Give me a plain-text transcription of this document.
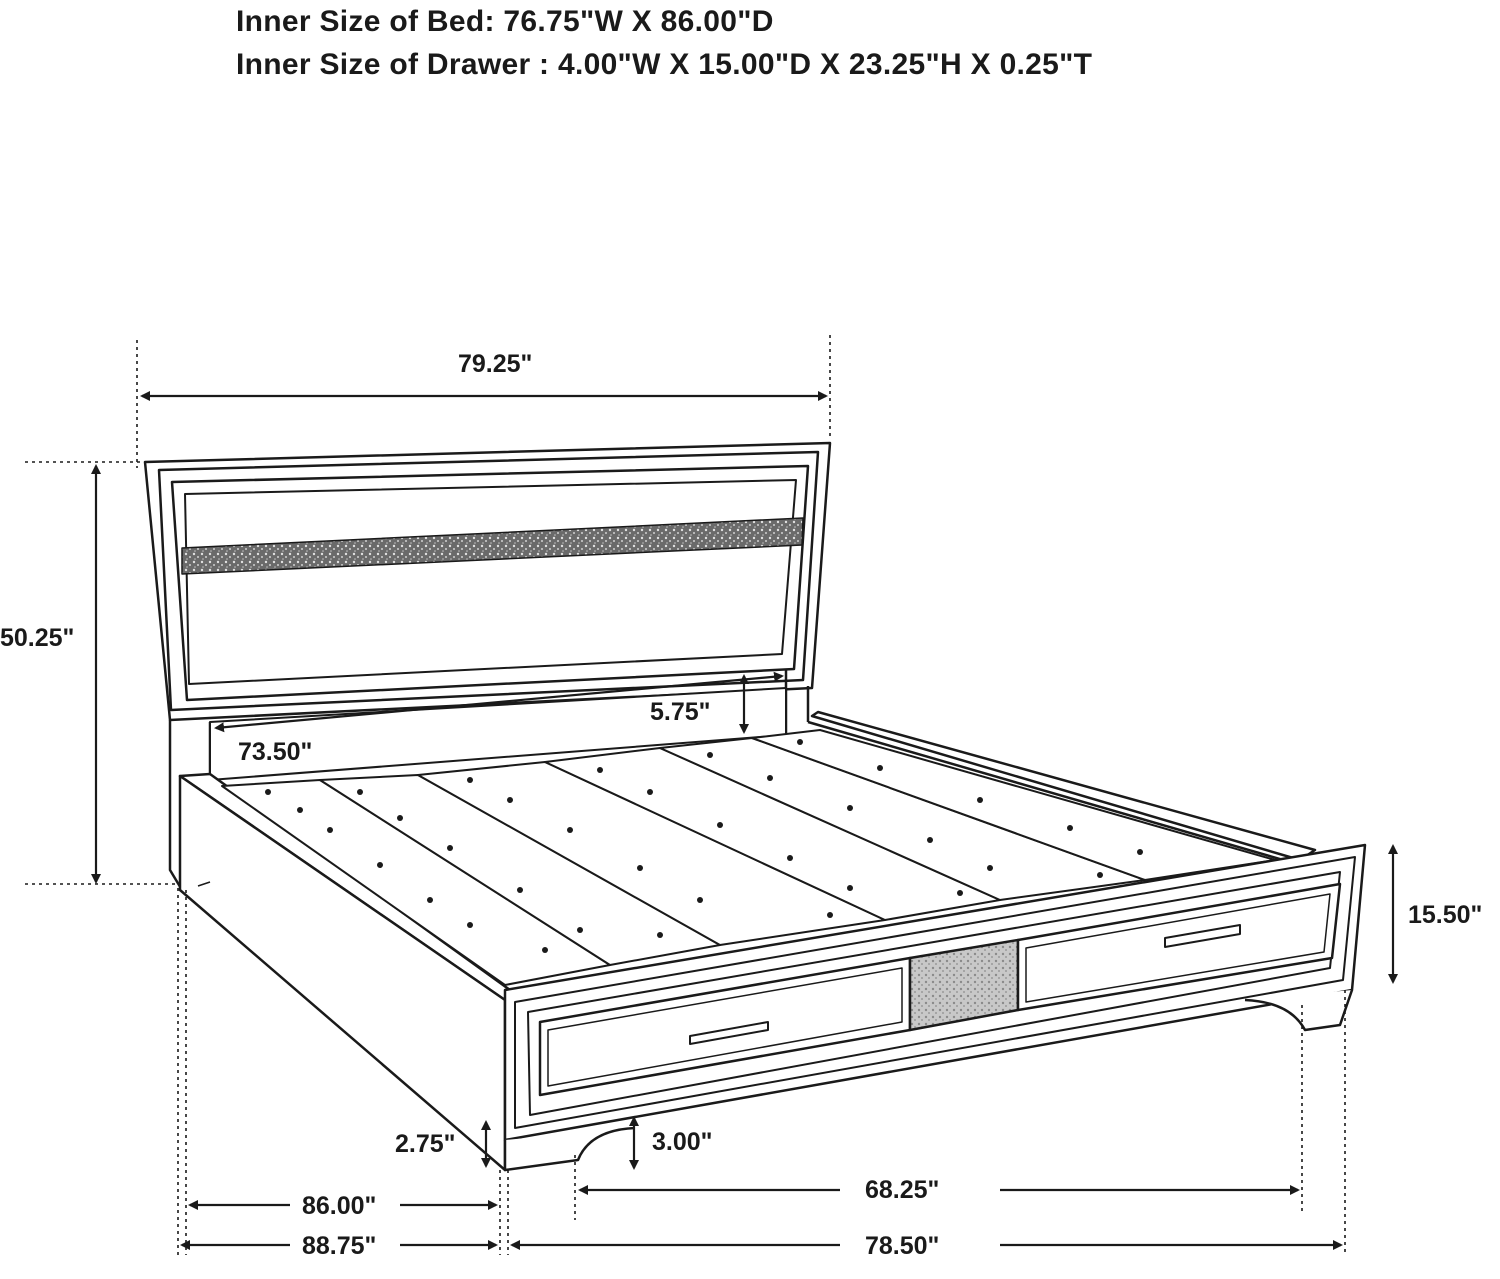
Inner Size of Bed: 76.75"W X 86.00"D
Inner Size of Drawer : 4.00"W X 15.00"D X 23.25"H X 0.25"T
79.25"
50.25"
5.75"
73.50"
15.50"
2.75"	3.00"
68.25"
86.00"
88.75"	78.50"
